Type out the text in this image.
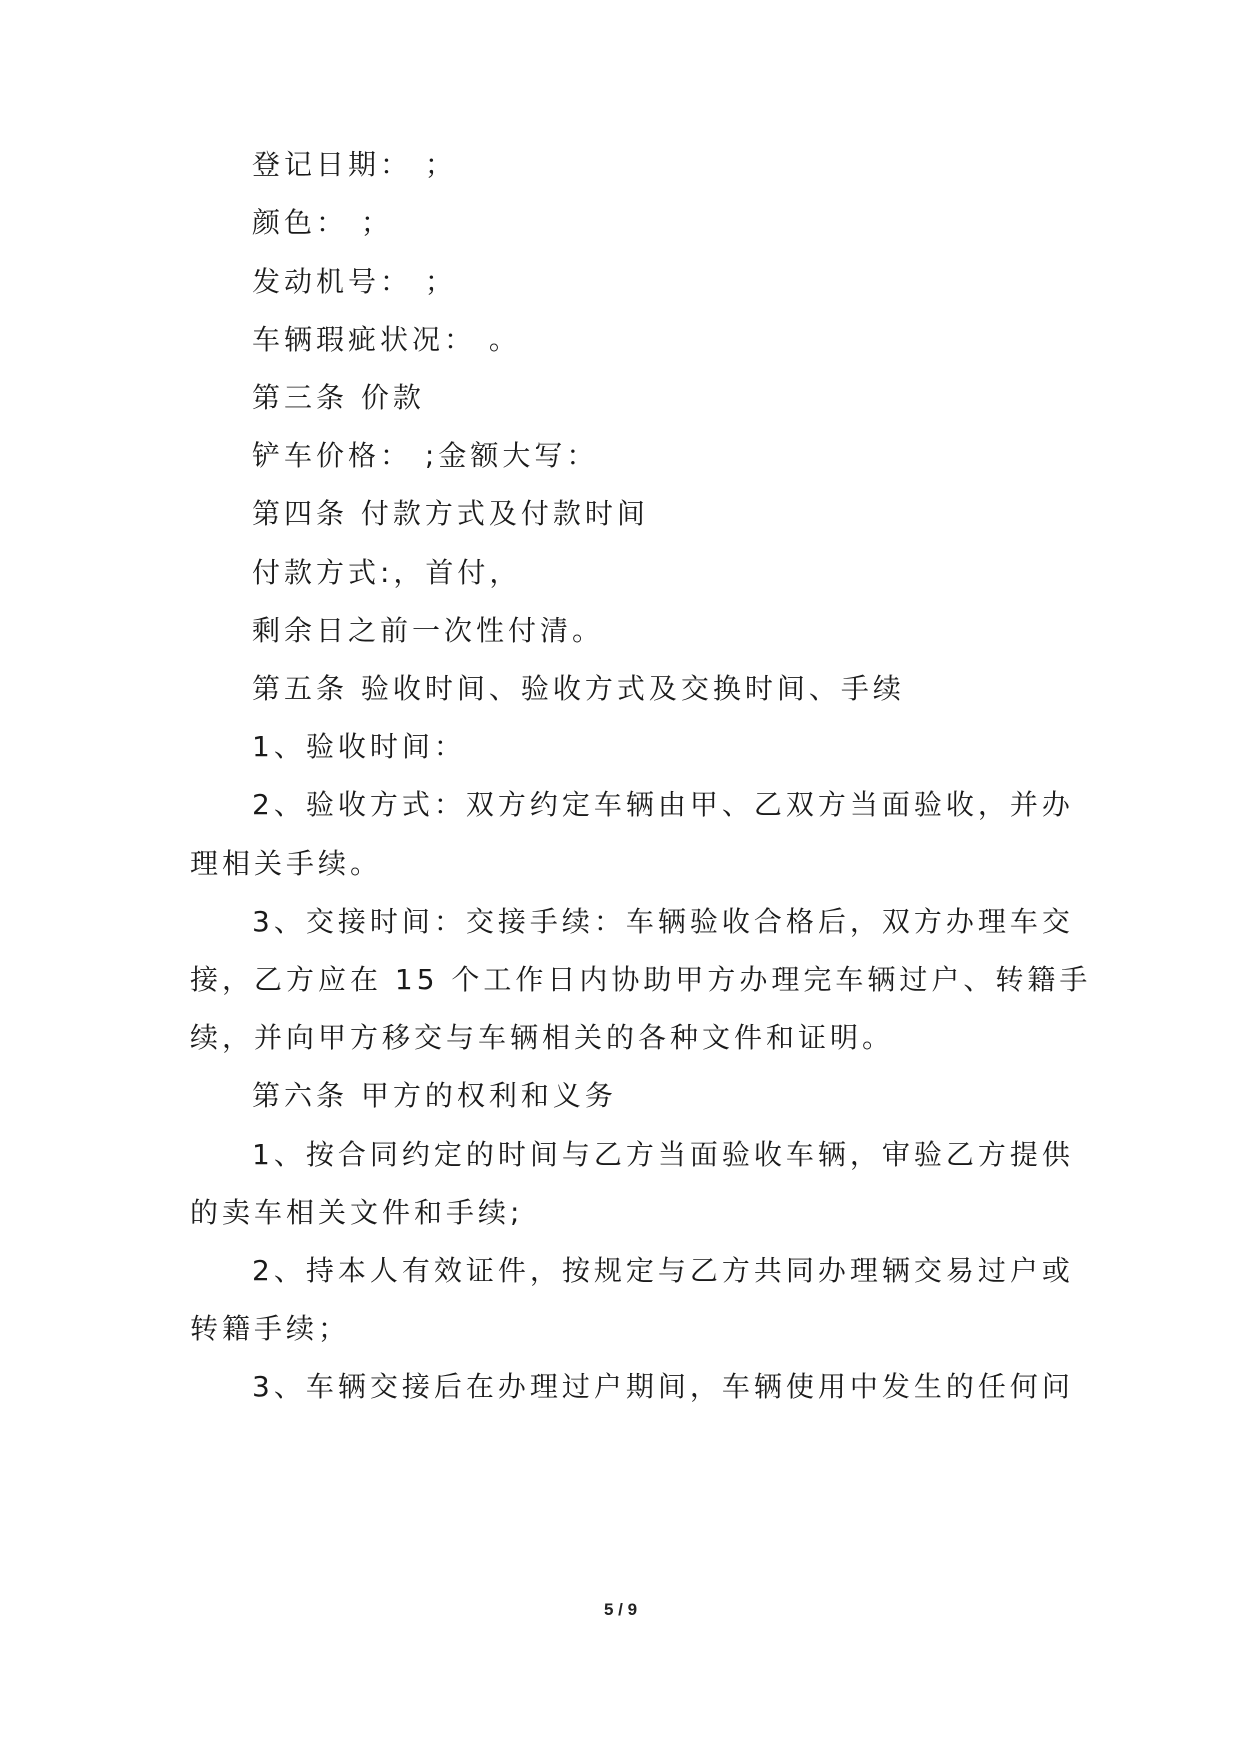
登记日期： ；
颜色： ；
发动机号： ；
车辆瑕疵状况： 。
第三条 价款
铲车价格： ;金额大写：
第四条 付款方式及付款时间
付款方式:，首付，
剩余日之前一次性付清。
第五条 验收时间、验收方式及交换时间、手续
1、验收时间：
2、验收方式：双方约定车辆由甲、乙双方当面验收，并办
理相关手续。
3、交接时间：交接手续：车辆验收合格后，双方办理车交
接，乙方应在 15 个工作日内协助甲方办理完车辆过户、转籍手
续，并向甲方移交与车辆相关的各种文件和证明。
第六条 甲方的权利和义务
1、按合同约定的时间与乙方当面验收车辆，审验乙方提供
的卖车相关文件和手续;
2、持本人有效证件，按规定与乙方共同办理辆交易过户或
转籍手续；
3、车辆交接后在办理过户期间，车辆使用中发生的任何问
5 / 9
